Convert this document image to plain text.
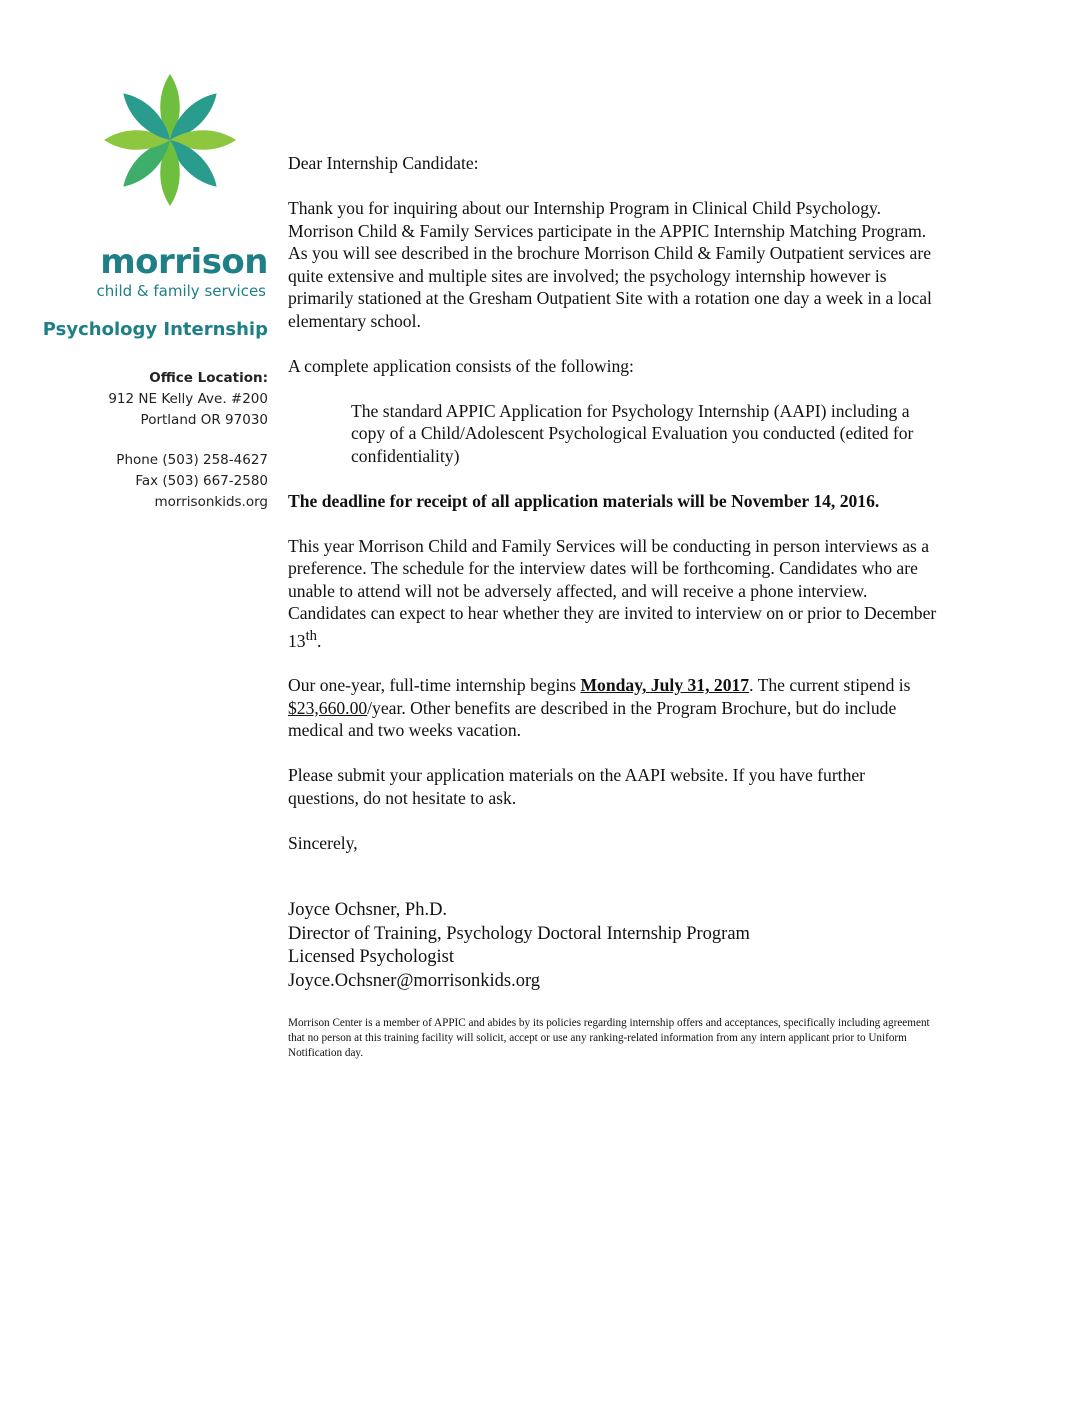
morrison
child & family services
Psychology Internship
Office Location:
912 NE Kelly Ave. #200
Portland OR 97030
Phone (503) 258-4627
Fax (503) 667-2580
morrisonkids.org

Dear Internship Candidate:

Thank you for inquiring about our Internship Program in Clinical Child Psychology. Morrison Child & Family Services participate in the APPIC Internship Matching Program. As you will see described in the brochure Morrison Child & Family Outpatient services are quite extensive and multiple sites are involved; the psychology internship however is primarily stationed at the Gresham Outpatient Site with a rotation one day a week in a local elementary school.

A complete application consists of the following:

The standard APPIC Application for Psychology Internship (AAPI) including a copy of a Child/Adolescent Psychological Evaluation you conducted (edited for confidentiality)

The deadline for receipt of all application materials will be November 14, 2016.

This year Morrison Child and Family Services will be conducting in person interviews as a preference. The schedule for the interview dates will be forthcoming. Candidates who are unable to attend will not be adversely affected, and will receive a phone interview. Candidates can expect to hear whether they are invited to interview on or prior to December 13th.

Our one-year, full-time internship begins Monday, July 31, 2017. The current stipend is $23,660.00/year. Other benefits are described in the Program Brochure, but do include medical and two weeks vacation.

Please submit your application materials on the AAPI website. If you have further questions, do not hesitate to ask.

Sincerely,

Joyce Ochsner, Ph.D.
Director of Training, Psychology Doctoral Internship Program
Licensed Psychologist
Joyce.Ochsner@morrisonkids.org

Morrison Center is a member of APPIC and abides by its policies regarding internship offers and acceptances, specifically including agreement that no person at this training facility will solicit, accept or use any ranking-related information from any intern applicant prior to Uniform Notification day.
